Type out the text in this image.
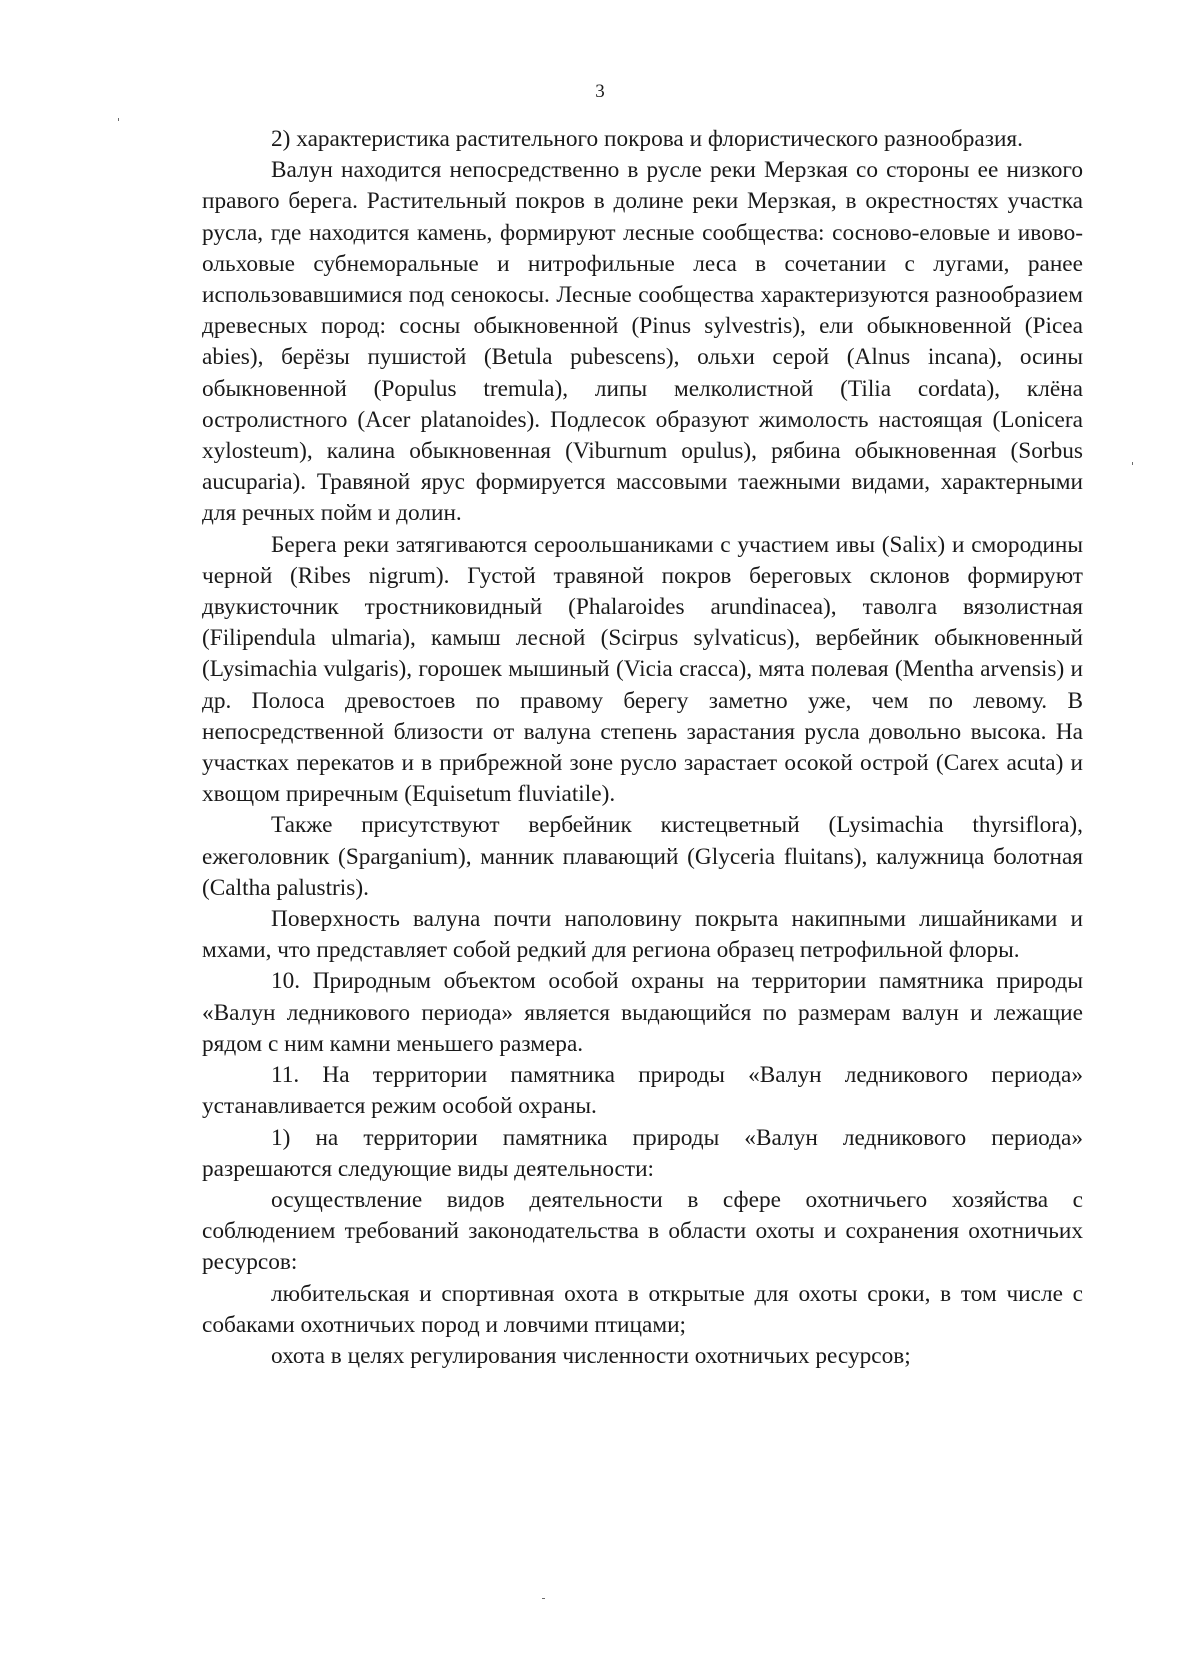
3

2) характеристика растительного покрова и флористического разнообразия.

Валун находится непосредственно в русле реки Мерзкая со стороны ее низкого правого берега. Растительный покров в долине реки Мерзкая, в окрестностях участка русла, где находится камень, формируют лесные сообщества: сосново-еловые и ивово-ольховые субнеморальные и нитрофильные леса в сочетании с лугами, ранее использовавшимися под сенокосы. Лесные сообщества характеризуются разнообразием древесных пород: сосны обыкновенной (Pinus sylvestris), ели обыкновенной (Picea abies), берёзы пушистой (Betula pubescens), ольхи серой (Alnus incana), осины обыкновенной (Populus tremula), липы мелколистной (Tilia cordata), клёна остролистного (Acer platanoides). Подлесок образуют жимолость настоящая (Lonicera xylosteum), калина обыкновенная (Viburnum opulus), рябина обыкновенная (Sorbus aucuparia). Травяной ярус формируется массовыми таежными видами, характерными для речных пойм и долин.

Берега реки затягиваются сероольшаниками с участием ивы (Salix) и смородины черной (Ribes nigrum). Густой травяной покров береговых склонов формируют двукисточник тростниковидный (Phalaroides arundinacea), таволга вязолистная (Filipendula ulmaria), камыш лесной (Scirpus sylvaticus), вербейник обыкновенный (Lysimachia vulgaris), горошек мышиный (Vicia cracca), мята полевая (Mentha arvensis) и др. Полоса древостоев по правому берегу заметно уже, чем по левому. В непосредственной близости от валуна степень зарастания русла довольно высока. На участках перекатов и в прибрежной зоне русло зарастает осокой острой (Carex acuta) и хвощом приречным (Equisetum fluviatile).

Также присутствуют вербейник кистецветный (Lysimachia thyrsiflora), ежеголовник (Sparganium), манник плавающий (Glyceria fluitans), калужница болотная (Caltha palustris).

Поверхность валуна почти наполовину покрыта накипными лишайниками и мхами, что представляет собой редкий для региона образец петрофильной флоры.

10. Природным объектом особой охраны на территории памятника природы «Валун ледникового периода» является выдающийся по размерам валун и лежащие рядом с ним камни меньшего размера.

11. На территории памятника природы «Валун ледникового периода» устанавливается режим особой охраны.

1) на территории памятника природы «Валун ледникового периода» разрешаются следующие виды деятельности:

осуществление видов деятельности в сфере охотничьего хозяйства с соблюдением требований законодательства в области охоты и сохранения охотничьих ресурсов:

любительская и спортивная охота в открытые для охоты сроки, в том числе с собаками охотничьих пород и ловчими птицами;

охота в целях регулирования численности охотничьих ресурсов;
